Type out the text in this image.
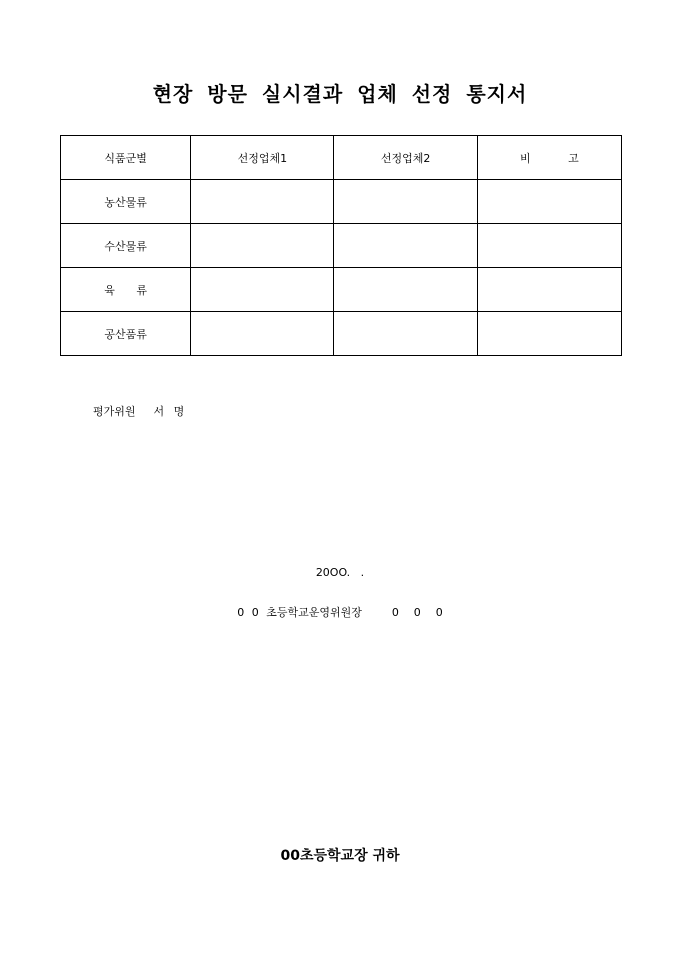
현장 방문 실시결과 업체 선정 통지서
식품군별	선정업체1	선정업체2	비 고
농산물류			
수산물류			
육 류			
공산품류			
평가위원 서 명
20OO.   .
0 0 초등학교운영위원장    0  0  0
00초등학교장 귀하
